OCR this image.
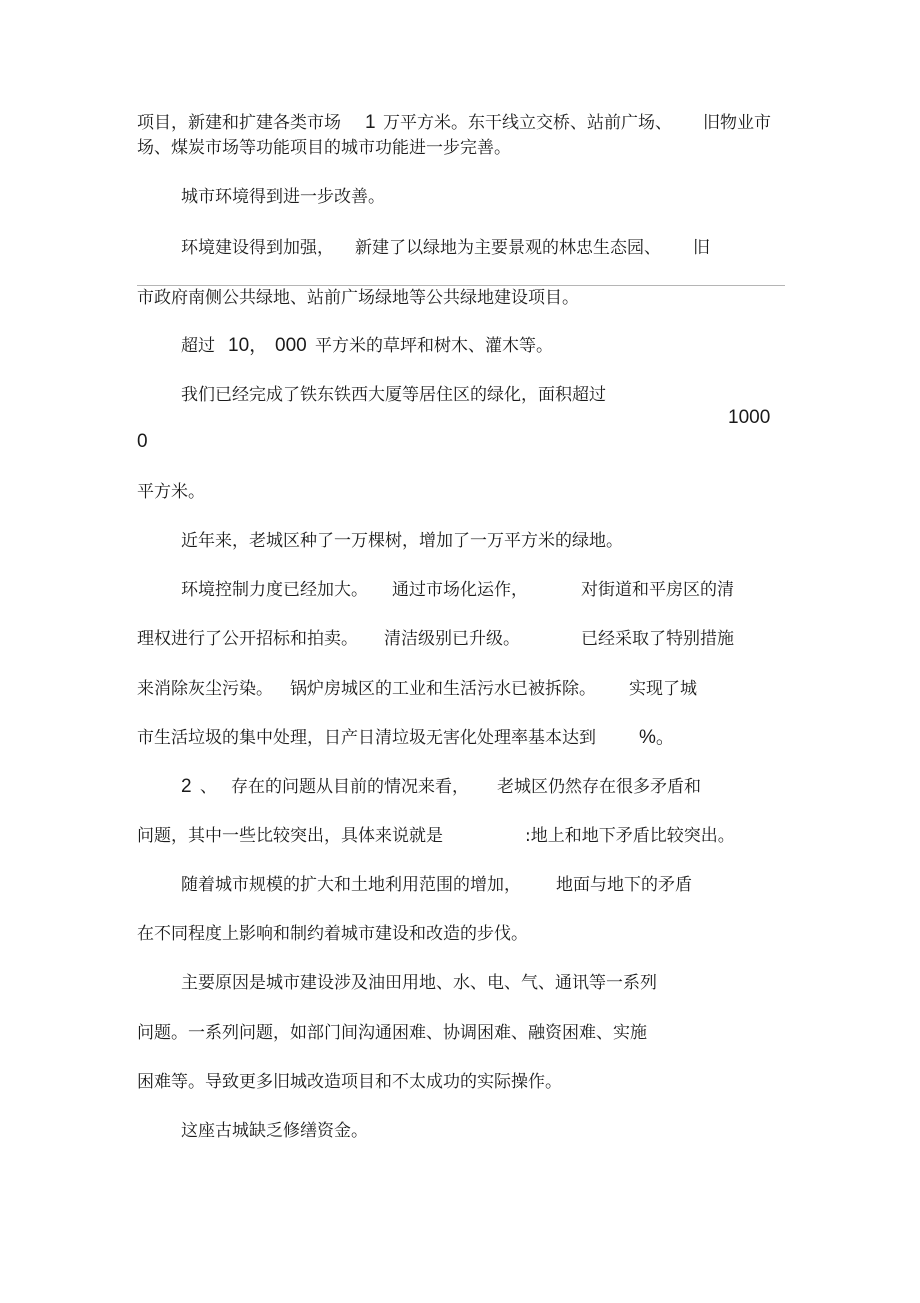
项目，新建和扩建各类市场 1 万平方米。东干线立交桥、站前广场、 旧物业市
场、煤炭市场等功能项目的城市功能进一步完善。
城市环境得到进一步改善。
环境建设得到加强， 新建了以绿地为主要景观的林忠生态园、 旧
市政府南侧公共绿地、站前广场绿地等公共绿地建设项目。
超过 10， 000 平方米的草坪和树木、灌木等。
我们已经完成了铁东铁西大厦等居住区的绿化，面积超过
1000
0
平方米。
近年来，老城区种了一万棵树，增加了一万平方米的绿地。
环境控制力度已经加大。 通过市场化运作，	对街道和平房区的清
理权进行了公开招标和拍卖。 清洁级别已升级。	已经采取了特别措施
来消除灰尘污染。 锅炉房城区的工业和生活污水已被拆除。 实现了城
市生活垃圾的集中处理，日产日清垃圾无害化处理率基本达到 %。
2 、 存在的问题从目前的情况来看， 老城区仍然存在很多矛盾和
问题，其中一些比较突出，具体来说就是	:地上和地下矛盾比较突出。
随着城市规模的扩大和土地利用范围的增加， 地面与地下的矛盾
在不同程度上影响和制约着城市建设和改造的步伐。
主要原因是城市建设涉及油田用地、水、电、气、通讯等一系列
问题。一系列问题，如部门间沟通困难、协调困难、融资困难、实施
困难等。导致更多旧城改造项目和不太成功的实际操作。
这座古城缺乏修缮资金。
